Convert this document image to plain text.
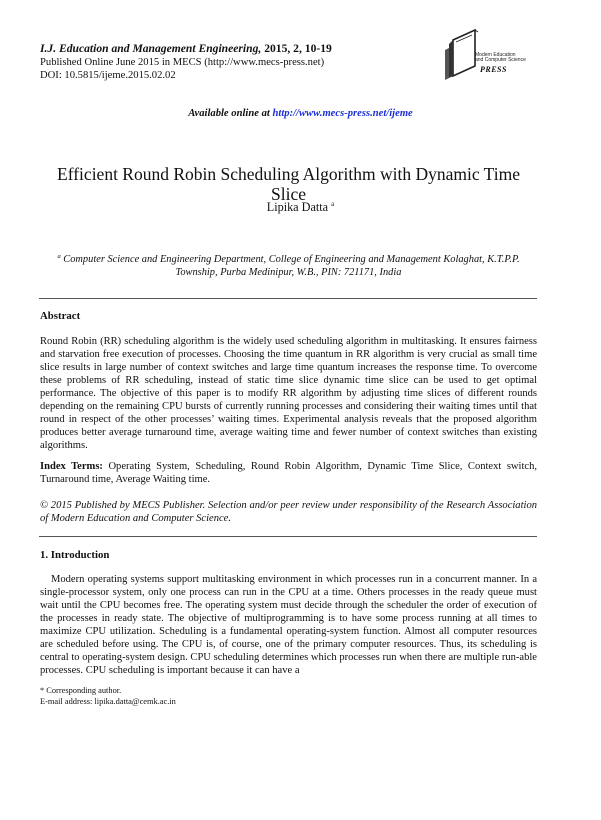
I.J. Education and Management Engineering, 2015, 2, 10-19
Published Online June 2015 in MECS (http://www.mecs-press.net)
DOI: 10.5815/ijeme.2015.02.02
Modern Education
and Computer Science
PRESS
Available online at http://www.mecs-press.net/ijeme
Efficient Round Robin Scheduling Algorithm with Dynamic Time Slice
Lipika Datta $^a$
$^a$ Computer Science and Engineering Department, College of Engineering and Management Kolaghat, K.T.P.P. Township, Purba Medinipur, W.B., PIN: 721171, India
Abstract
Round Robin (RR) scheduling algorithm is the widely used scheduling algorithm in multitasking. It ensures fairness and starvation free execution of processes. Choosing the time quantum in RR algorithm is very crucial as small time slice results in large number of context switches and large time quantum increases the response time. To overcome these problems of RR scheduling, instead of static time slice dynamic time slice can be used to get optimal performance. The objective of this paper is to modify RR algorithm by adjusting time slices of different rounds depending on the remaining CPU bursts of currently running processes and considering their waiting times until that round in respect of the other processes’ waiting times. Experimental analysis reveals that the proposed algorithm produces better average turnaround time, average waiting time and fewer number of context switches than existing algorithms.
Index Terms: Operating System, Scheduling, Round Robin Algorithm, Dynamic Time Slice, Context switch, Turnaround time, Average Waiting time.
© 2015 Published by MECS Publisher. Selection and/or peer review under responsibility of the Research Association of Modern Education and Computer Science.
1. Introduction
Modern operating systems support multitasking environment in which processes run in a concurrent manner. In a single-processor system, only one process can run in the CPU at a time. Others processes in the ready queue must wait until the CPU becomes free. The operating system must decide through the scheduler the order of execution of the processes in ready state. The objective of multiprogramming is to have some process running at all times to maximize CPU utilization. Scheduling is a fundamental operating-system function. Almost all computer resources are scheduled before using. The CPU is, of course, one of the primary computer resources. Thus, its scheduling is central to operating-system design. CPU scheduling determines which processes run when there are multiple run-able processes. CPU scheduling is important because it can have a
* Corresponding author.
E-mail address: lipika.datta@cemk.ac.in
